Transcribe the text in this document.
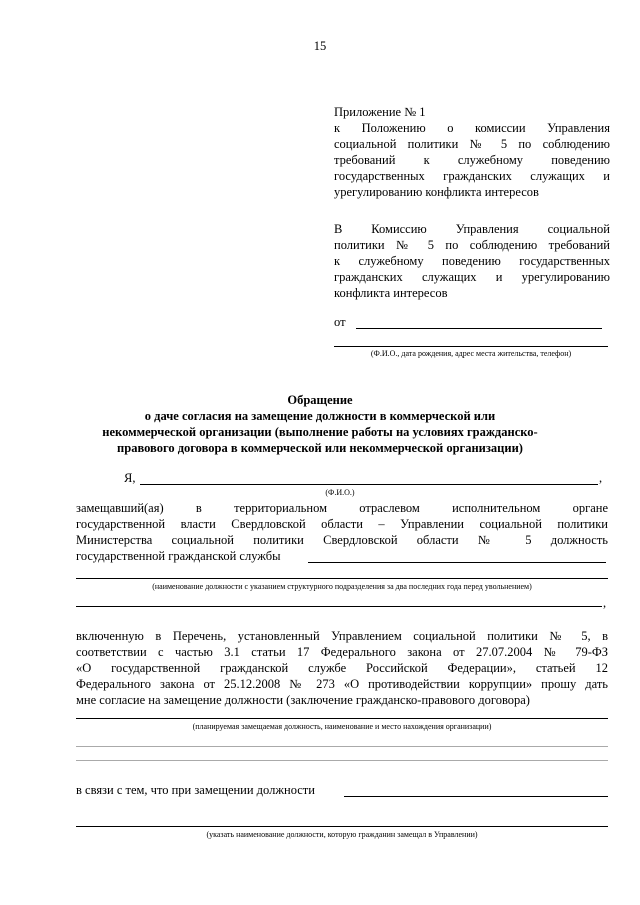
15
Приложение № 1
к Положению о комиссии Управления
социальной политики № 5 по соблюдению
требований к служебному поведению
государственных гражданских служащих и
урегулированию конфликта интересов
В Комиссию Управления социальной
политики № 5 по соблюдению требований
к служебному поведению государственных
гражданских служащих и урегулированию
конфликта интересов
от
(Ф.И.О., дата рождения, адрес места жительства, телефон)
Обращение
о даче согласия на замещение должности в коммерческой или
некоммерческой организации (выполнение работы на условиях гражданско-
правового договора в коммерческой или некоммерческой организации)
Я,	,
(Ф.И.О.)
замещавший(ая) в территориальном отраслевом исполнительном органе
государственной власти Свердловской области – Управлении социальной политики
Министерства социальной политики Свердловской области № 5 должность
государственной гражданской службы
(наименование должности с указанием структурного подразделения за два последних года перед увольнением)
,
включенную в Перечень, установленный Управлением социальной политики № 5, в
соответствии с частью 3.1 статьи 17 Федерального закона от 27.07.2004 № 79-ФЗ
«О государственной гражданской службе Российской Федерации», статьей 12
Федерального закона от 25.12.2008 № 273 «О противодействии коррупции» прошу дать
мне согласие на замещение должности (заключение гражданско-правового договора)
(планируемая замещаемая должность, наименование и место нахождения организации)
в связи с тем, что при замещении должности
(указать наименование должности, которую гражданин замещал в Управлении)
